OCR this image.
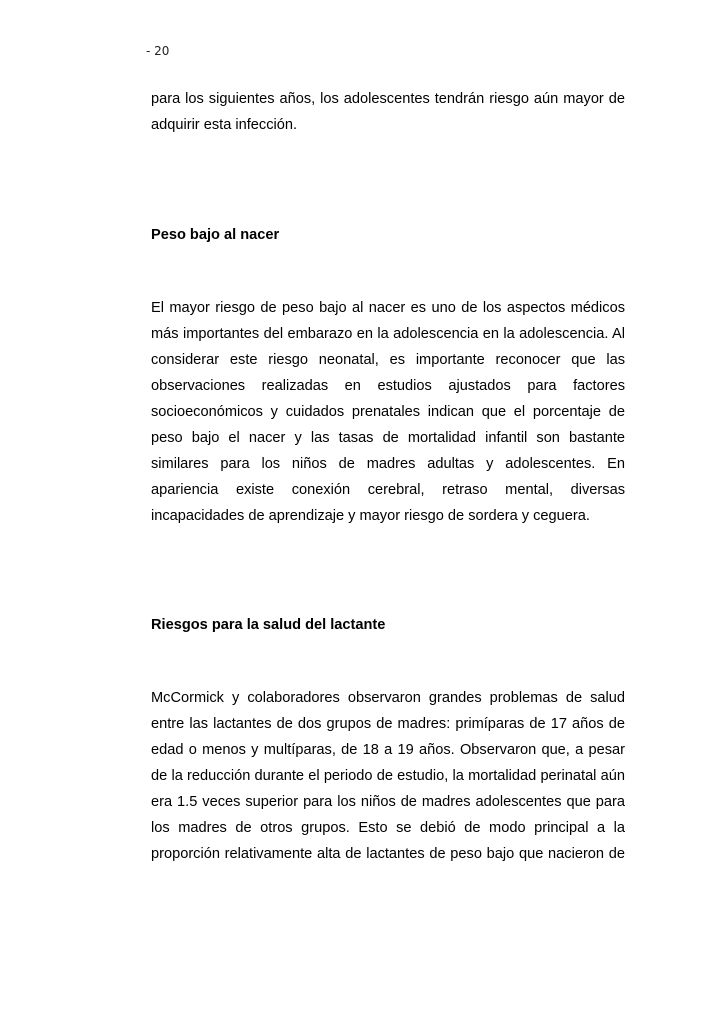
- 20

para los siguientes años, los adolescentes tendrán riesgo aún mayor de adquirir esta infección.

Peso bajo al nacer

El mayor riesgo de peso bajo al nacer es uno de los aspectos médicos más importantes del embarazo en la adolescencia en la adolescencia. Al considerar este riesgo neonatal, es importante reconocer que las observaciones realizadas en estudios ajustados para factores socioeconómicos y cuidados prenatales indican que el porcentaje de peso bajo el nacer y las tasas de mortalidad infantil son bastante similares para los niños de madres adultas y adolescentes. En apariencia existe conexión cerebral, retraso mental, diversas incapacidades de aprendizaje y mayor riesgo de sordera y ceguera.

Riesgos para la salud del lactante

McCormick y colaboradores observaron grandes problemas de salud entre las lactantes de dos grupos de madres: primíparas de 17 años de edad o menos y multíparas, de 18 a 19 años. Observaron que, a pesar de la reducción durante el periodo de estudio, la mortalidad perinatal aún era 1.5 veces superior para los niños de madres adolescentes que para los madres de otros grupos. Esto se debió de modo principal a la proporción relativamente alta de lactantes de peso bajo que nacieron de
